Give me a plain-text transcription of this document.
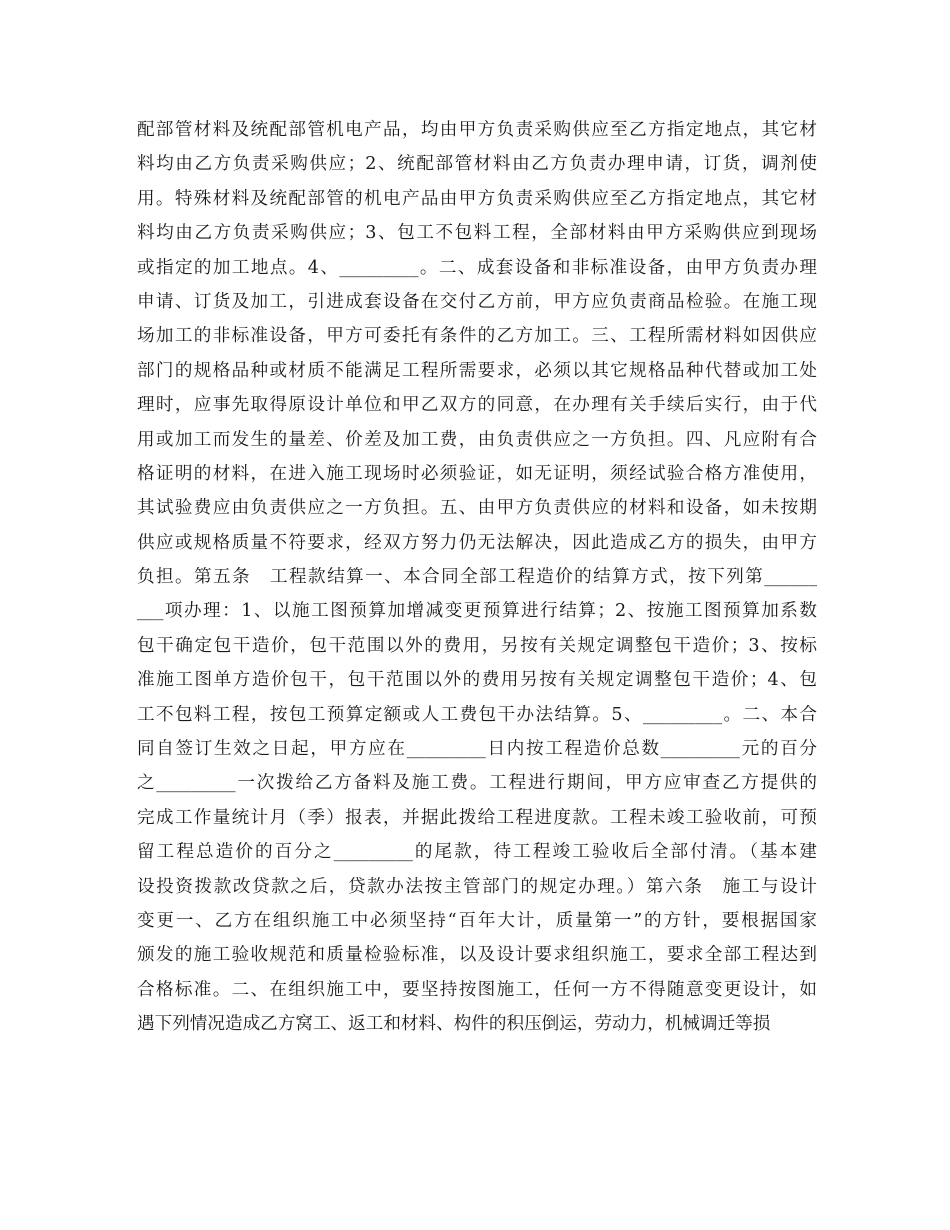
配部管材料及统配部管机电产品，均由甲方负责采购供应至乙方指定地点，其它材
料均由乙方负责采购供应；2、统配部管材料由乙方负责办理申请，订货，调剂使
用。特殊材料及统配部管的机电产品由甲方负责采购供应至乙方指定地点，其它材
料均由乙方负责采购供应；3、包工不包料工程，全部材料由甲方采购供应到现场
或指定的加工地点。4、_________。二、成套设备和非标准设备，由甲方负责办理
申请、订货及加工，引进成套设备在交付乙方前，甲方应负责商品检验。在施工现
场加工的非标准设备，甲方可委托有条件的乙方加工。三、工程所需材料如因供应
部门的规格品种或材质不能满足工程所需要求，必须以其它规格品种代替或加工处
理时，应事先取得原设计单位和甲乙双方的同意，在办理有关手续后实行，由于代
用或加工而发生的量差、价差及加工费，由负责供应之一方负担。四、凡应附有合
格证明的材料，在进入施工现场时必须验证，如无证明，须经试验合格方准使用，
其试验费应由负责供应之一方负担。五、由甲方负责供应的材料和设备，如未按期
供应或规格质量不符要求，经双方努力仍无法解决，因此造成乙方的损失，由甲方
负担。第五条　工程款结算一、本合同全部工程造价的结算方式，按下列第______
___项办理：1、以施工图预算加增减变更预算进行结算；2、按施工图预算加系数
包干确定包干造价，包干范围以外的费用，另按有关规定调整包干造价；3、按标
准施工图单方造价包干，包干范围以外的费用另按有关规定调整包干造价；4、包
工不包料工程，按包工预算定额或人工费包干办法结算。5、_________。二、本合
同自签订生效之日起，甲方应在_________日内按工程造价总数_________元的百分
之_________一次拨给乙方备料及施工费。工程进行期间，甲方应审查乙方提供的
完成工作量统计月（季）报表，并据此拨给工程进度款。工程未竣工验收前，可预
留工程总造价的百分之_________的尾款，待工程竣工验收后全部付清。（基本建
设投资拨款改贷款之后，贷款办法按主管部门的规定办理。）第六条　施工与设计
变更一、乙方在组织施工中必须坚持“百年大计，质量第一”的方针，要根据国家
颁发的施工验收规范和质量检验标准，以及设计要求组织施工，要求全部工程达到
合格标准。二、在组织施工中，要坚持按图施工，任何一方不得随意变更设计，如
遇下列情况造成乙方窝工、返工和材料、构件的积压倒运，劳动力，机械调迁等损
